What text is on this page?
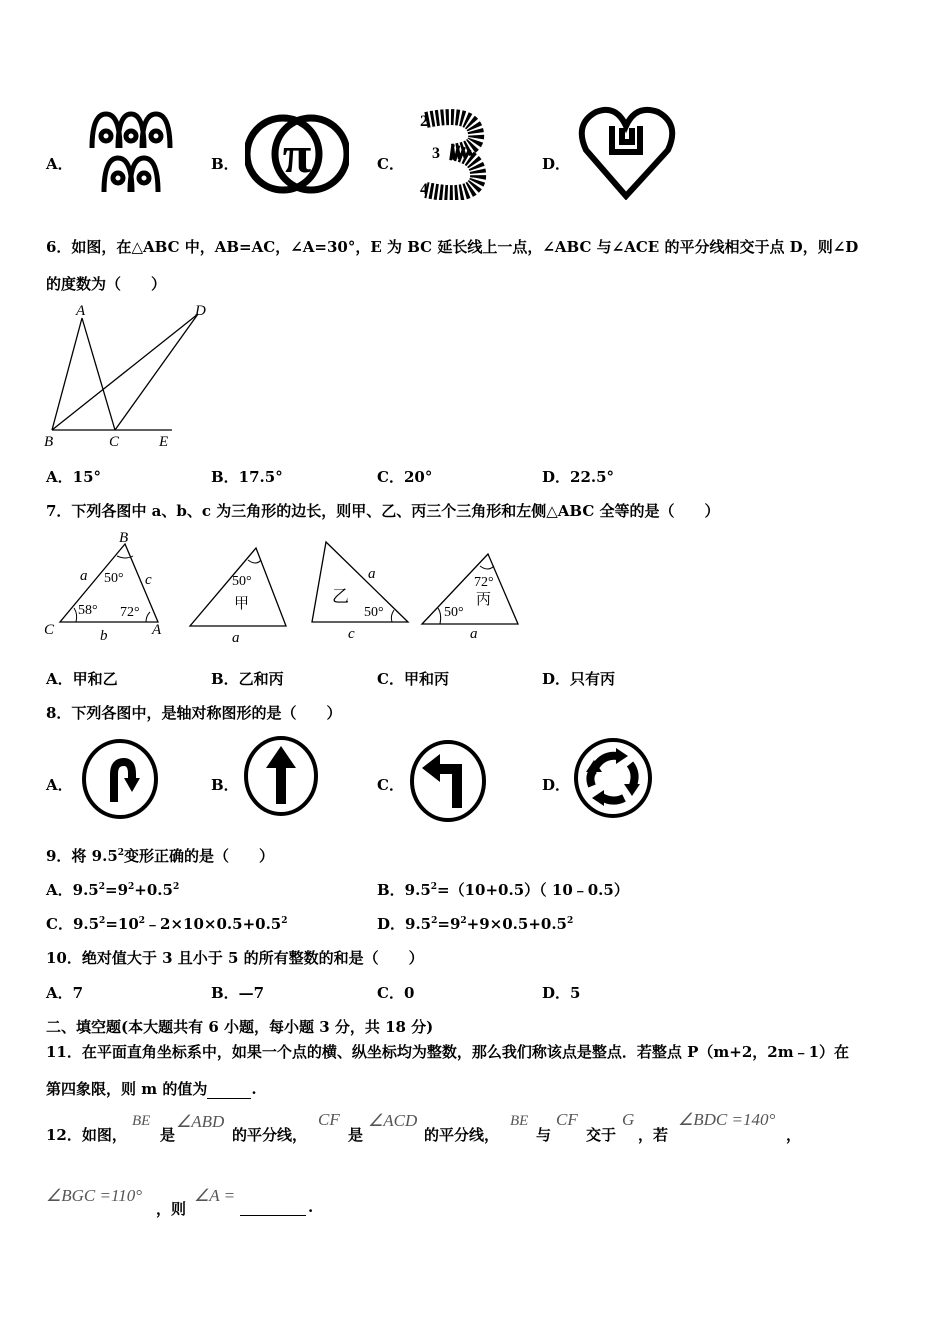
A．	B． π	C．
2
3
4
D．
6．如图，在△ABC 中，AB=AC，∠A=30°，E 为 BC 延长线上一点，∠ABC 与∠ACE 的平分线相交于点 D，则∠D
的度数为（　　）
A	D
B	C	E
A．15°	B．17.5°	C．20°	D．22.5°
7．下列各图中 a、b、c 为三角形的边长，则甲、乙、丙三个三角形和左侧△ABC 全等的是（　　）
B
C	A
a
b
c
50°
58° 72°
50°
甲
a
a
乙
50°
c
72°
丙
50°
a
A．甲和乙	B．乙和丙	C．甲和丙	D．只有丙
8．下列各图中，是轴对称图形的是（　　）
A．	B．	C．	D．
9．将 $9.5^2$变形正确的是（　　）
A．$9.5^2=9^2+0.5^2$	B．$9.5^2=(10+0.5)$（ 10﹣0.5）
C．$9.5^2=10^2﹣2\times 10\times 0.5+0.5^2$	D．$9.5^2=9^2+9\times 0.5+0.5^2$
10．绝对值大于 3 且小于 5 的所有整数的和是（　　）
A．7	B．—7	C．0	D．5
二、填空题(本大题共有 6 小题，每小题 3 分，共 18 分)
11．在平面直角坐标系中，如果一个点的横、纵坐标均为整数，那么我们称该点是整点．若整点 P（m+2，2m﹣1）在
第四象限，则 m 的值为	.
12．如图，
BE
是
∠ABD
的平分线，
CF
是
∠ACD
的平分线，
BE
与
CF
交于
G
，若
∠BDC =140°
，
∠BGC =110°
，则
∠A =
.
